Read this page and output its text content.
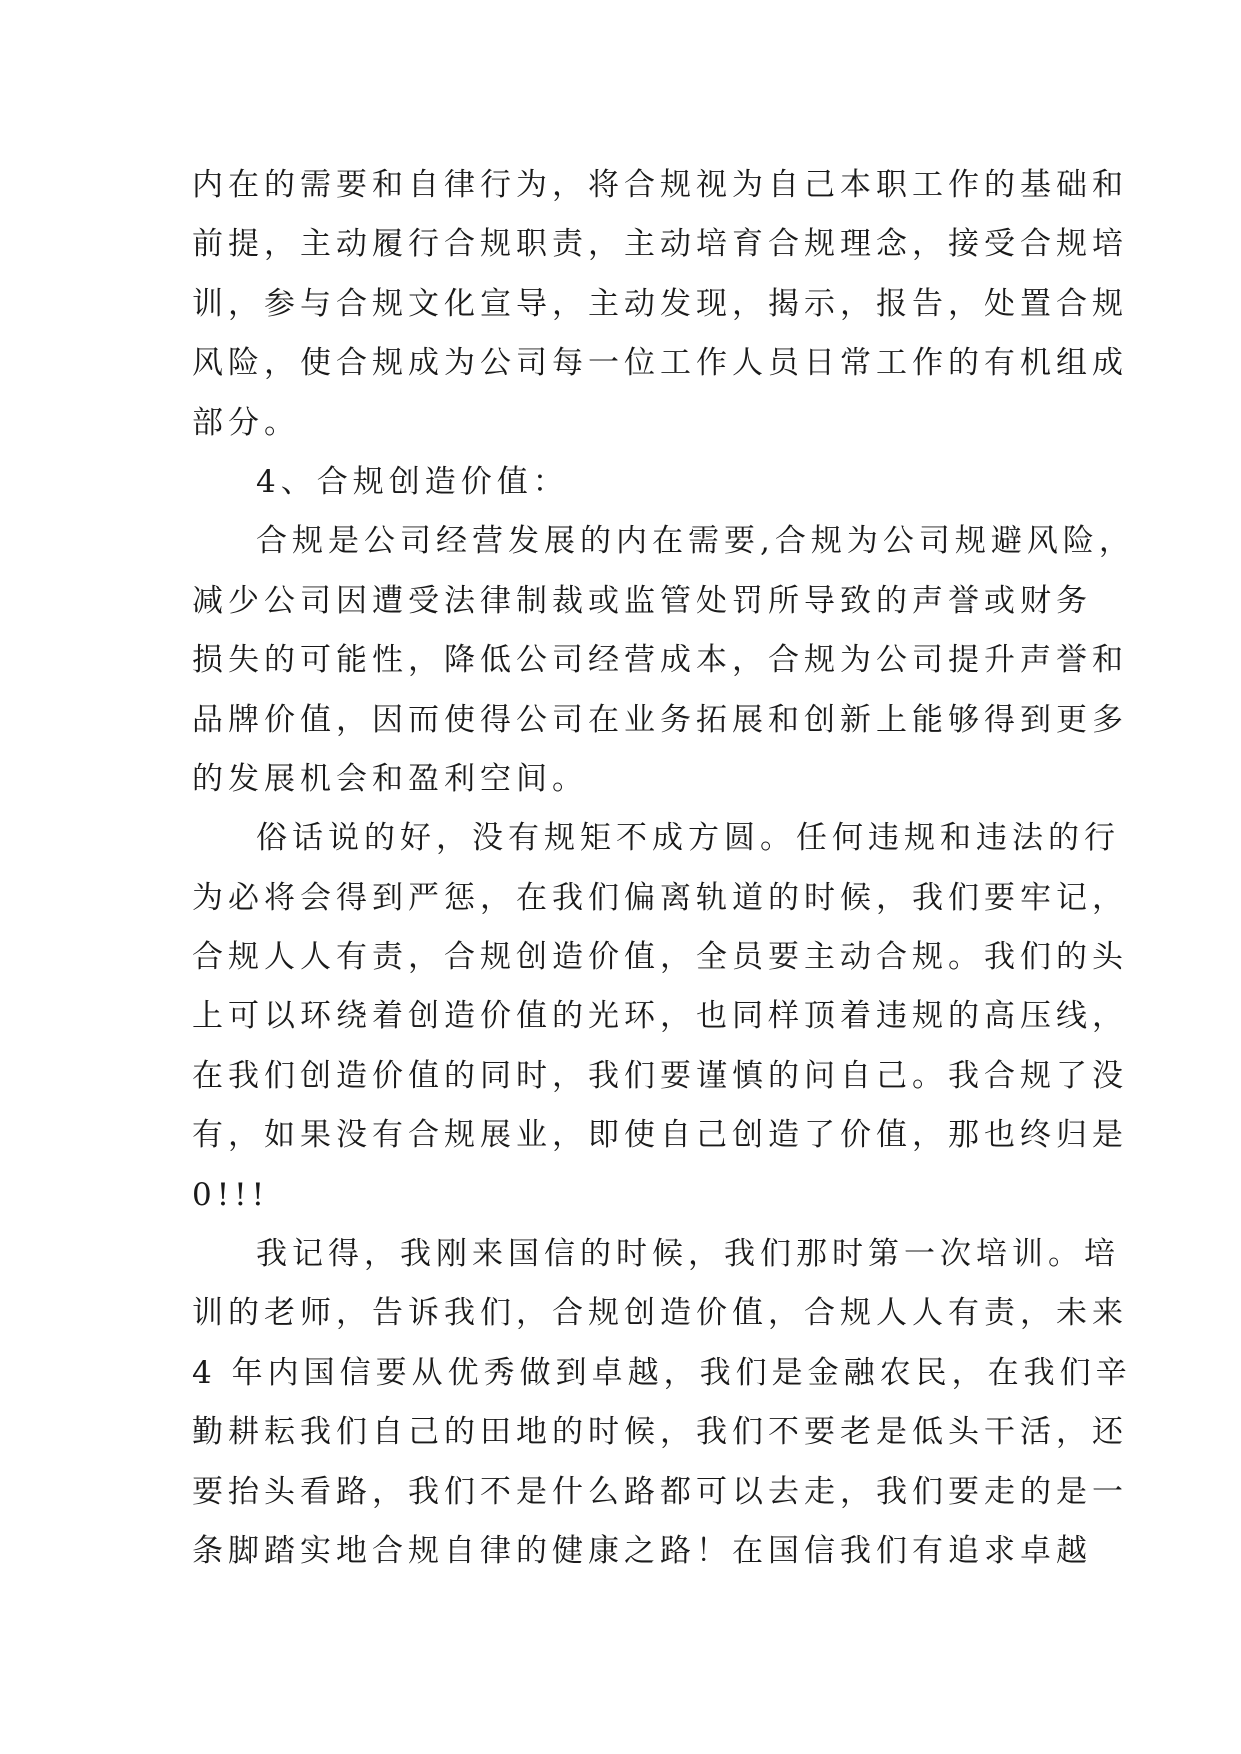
内在的需要和自律行为，将合规视为自己本职工作的基础和
前提，主动履行合规职责，主动培育合规理念，接受合规培
训，参与合规文化宣导，主动发现，揭示，报告，处置合规
风险，使合规成为公司每一位工作人员日常工作的有机组成
部分。
4、合规创造价值：
合规是公司经营发展的内在需要,合规为公司规避风险，
减少公司因遭受法律制裁或监管处罚所导致的声誉或财务
损失的可能性，降低公司经营成本，合规为公司提升声誉和
品牌价值，因而使得公司在业务拓展和创新上能够得到更多
的发展机会和盈利空间。
俗话说的好，没有规矩不成方圆。任何违规和违法的行
为必将会得到严惩，在我们偏离轨道的时候，我们要牢记，
合规人人有责，合规创造价值，全员要主动合规。我们的头
上可以环绕着创造价值的光环，也同样顶着违规的高压线，
在我们创造价值的同时，我们要谨慎的问自己。我合规了没
有，如果没有合规展业，即使自己创造了价值，那也终归是
0!!!
我记得，我刚来国信的时候，我们那时第一次培训。培
训的老师，告诉我们，合规创造价值，合规人人有责，未来
4 年内国信要从优秀做到卓越，我们是金融农民，在我们辛
勤耕耘我们自己的田地的时候，我们不要老是低头干活，还
要抬头看路，我们不是什么路都可以去走，我们要走的是一
条脚踏实地合规自律的健康之路！在国信我们有追求卓越
